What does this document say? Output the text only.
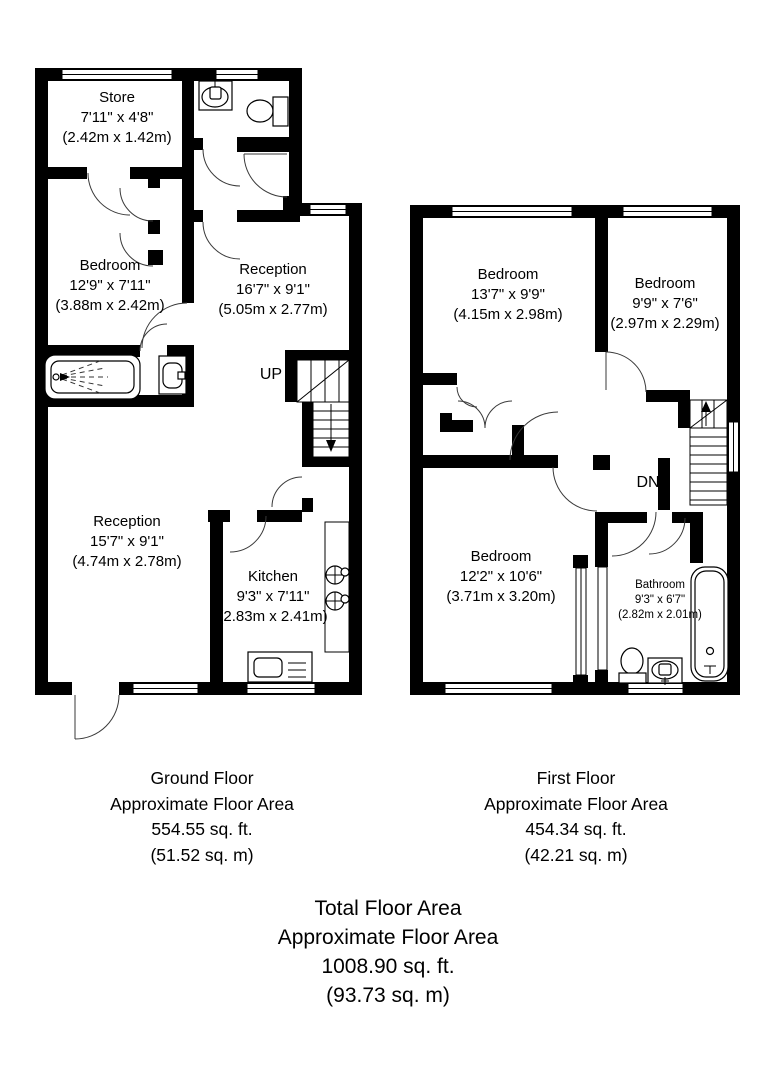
Store
7'11" x 4'8"
(2.42m x 1.42m)
Bedroom
12'9" x 7'11"
(3.88m x 2.42m)
Reception
16'7" x 9'1"
(5.05m x 2.77m)
Reception
15'7" x 9'1"
(4.74m x 2.78m)
Kitchen
9'3" x 7'11"
(2.83m x 2.41m)
UP
Bedroom
13'7" x 9'9"
(4.15m x 2.98m)
Bedroom
9'9" x 7'6"
(2.97m x 2.29m)
Bedroom
12'2" x 10'6"
(3.71m x 3.20m)
Bathroom
9'3" x 6'7"
(2.82m x 2.01m)
DN
Ground Floor
Approximate Floor Area
554.55 sq. ft.
(51.52 sq. m)
First Floor
Approximate Floor Area
454.34 sq. ft.
(42.21 sq. m)
Total Floor Area
Approximate Floor Area
1008.90 sq. ft.
(93.73 sq. m)
